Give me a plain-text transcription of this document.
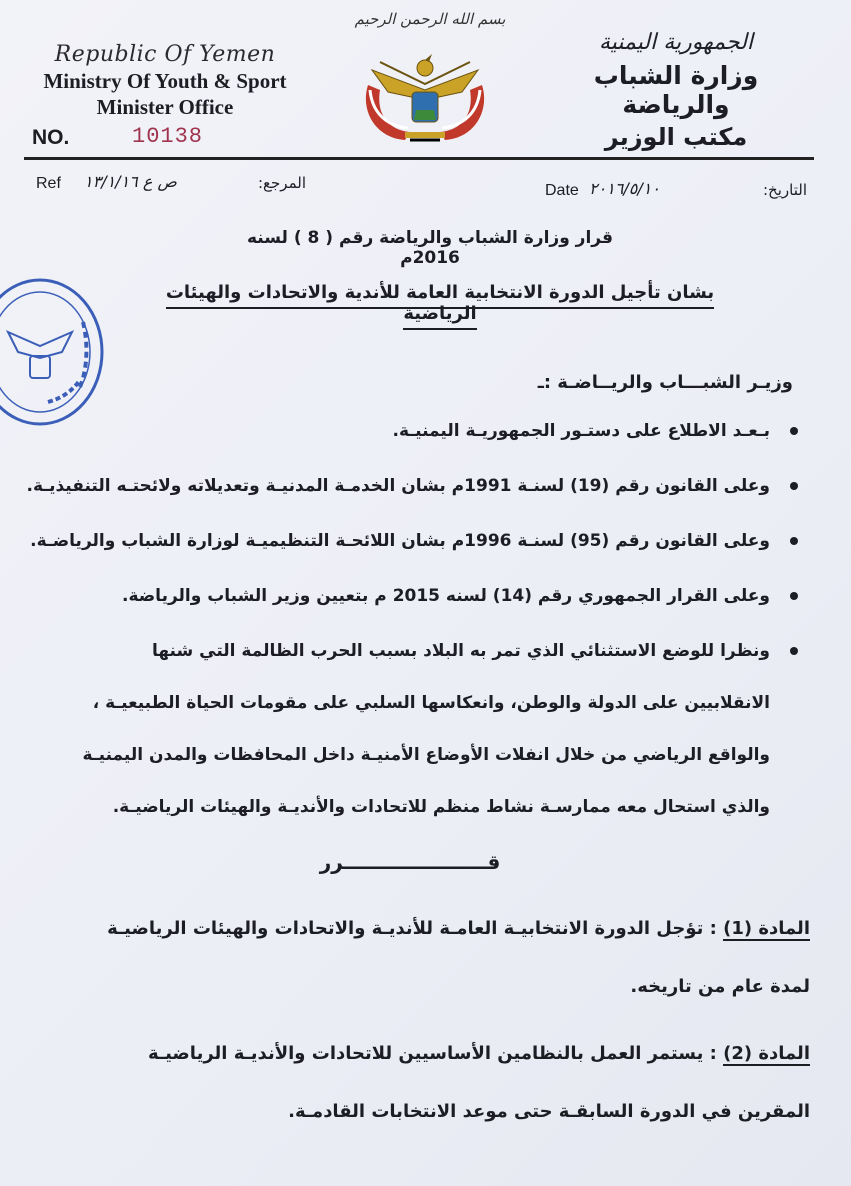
Republic Of Yemen
Ministry Of Youth & Sport
Minister Office
NO.	10138
بسم الله الرحمن الرحيم
الجمهورية اليمنية
وزارة الشباب والرياضة
مكتب الوزير
Ref ص ع ١٣/١/١٦	المرجع:	Date ٢٠١٦/٥/١٠	التاريخ:
قرار وزارة الشباب والرياضة رقم ( 8 ) لسنه 2016م
بشان تأجيل الدورة الانتخابية العامة للأندية والاتحادات والهيئات الرياضية
وزيـر الشبـــاب والريــاضـة :ـ
بـعـد الاطلاع على دستـور الجمهوريـة اليمنيـة.
وعلى القانون رقم (19) لسنـة 1991م بشان الخدمـة المدنيـة وتعديلاته ولائحتـه التنفيذيـة.
وعلى القانون رقم (95) لسنـة 1996م بشان اللائحـة التنظيميـة لوزارة الشباب والرياضـة.
وعلى القرار الجمهوري رقم (14) لسنه 2015 م بتعيين وزير الشباب والرياضة.
ونظرا للوضع الاستثنائي الذي تمر به البلاد بسبب الحرب الظالمة التي شنها الانقلابيين على الدولة والوطن، وانعكاسها السلبي على مقومات الحياة الطبيعيـة ، والواقع الرياضي من خلال انفلات الأوضاع الأمنيـة داخل المحافظات والمدن اليمنيـة والذي استحال معه ممارسـة نشاط منظم للاتحادات والأنديـة والهيئات الرياضيـة.
قـــــــــــــــــــــرر
المادة (1) : تؤجل الدورة الانتخابيـة العامـة للأنديـة والاتحادات والهيئات الرياضيـة لمدة عام من تاريخه.
المادة (2) : يستمر العمل بالنظامين الأساسيين للاتحادات والأنديـة الرياضيـة المقرين في الدورة السابقـة حتى موعد الانتخابات القادمـة.
